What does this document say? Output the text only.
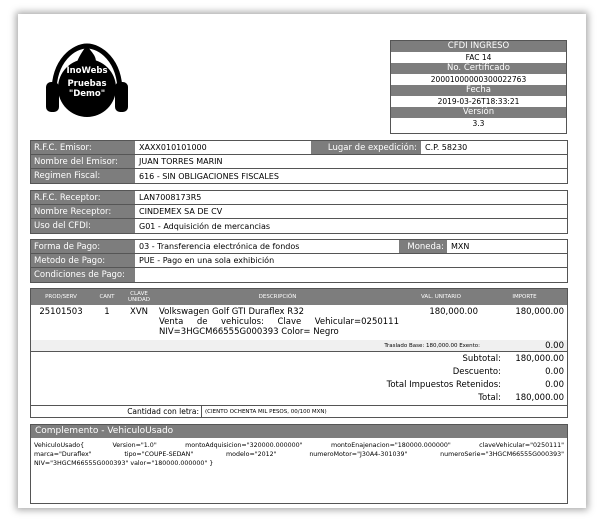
InoWebs
Pruebas
"Demo"
CFDI INGRESO
FAC 14
No. Certificado
20001000000300022763
Fecha
2019-03-26T18:33:21
Versión
3.3
R.F.C. Emisor:	XAXX010101000	Lugar de expedición:	C.P. 58230
Nombre del Emisor:	JUAN TORRES MARIN
Regimen Fiscal:	616 - SIN OBLIGACIONES FISCALES
R.F.C. Receptor:	LAN7008173R5
Nombre Receptor:	CINDEMEX SA DE CV
Uso del CFDI:	G01 - Adquisición de mercancias
Forma de Pago:	03 - Transferencia electrónica de fondos	Moneda: MXN
Metodo de Pago:	PUE - Pago en una sola exhibición
Condiciones de Pago:
PROD/SERV	CANT	CLAVE
UNIDAD	DESCRIPCIÓN	VAL. UNITARIO	IMPORTE
25101503	1	XVN	Volkswagen Golf GTI Duraflex R32
Venta de vehiculos: Clave Vehicular=0250111
NIV=3HGCM66555G000393 Color= Negro
180,000.00	180,000.00
Traslado Base: 180,000.00 Exento:	0.00
Subtotal:	180,000.00
Descuento:	0.00
Total Impuestos Retenidos:	0.00
Total:	180,000.00
Cantidad con letra:	(CIENTO OCHENTA MIL PESOS, 00/100 MXN)
Complemento - VehiculoUsado
VehiculoUsado{ Version="1.0" montoAdquisicion="320000.000000" montoEnajenacion="180000.000000" claveVehicular="0250111"
marca="Duraflex" tipo="COUPE-SEDAN" modelo="2012" numeroMotor="J30A4-301039" numeroSerie="3HGCM66555G000393"
NIV="3HGCM66555G000393" valor="180000.000000" }
